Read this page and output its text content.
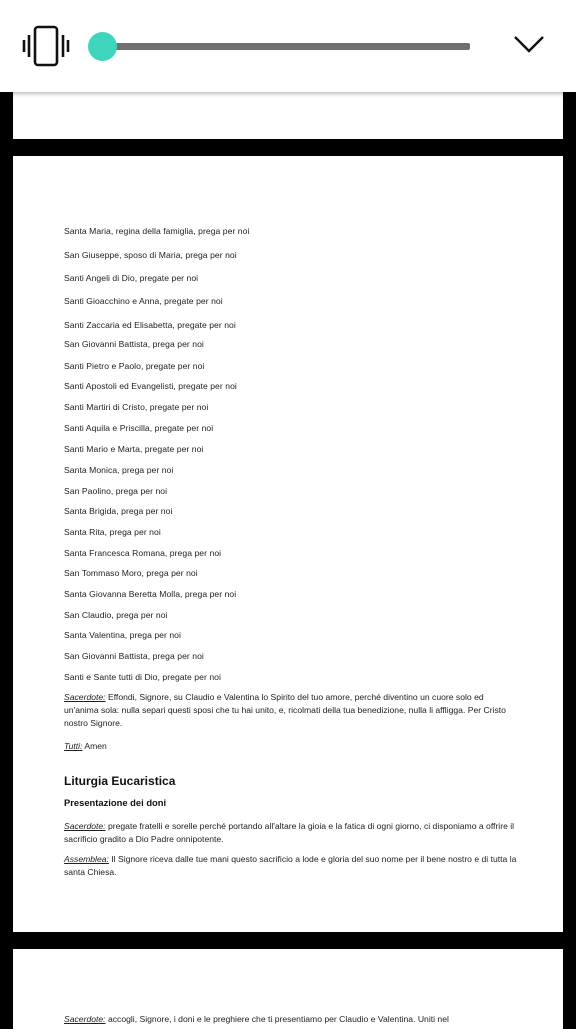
Santa Maria, regina della famiglia, prega per noi
San Giuseppe, sposo di Maria, prega per noi
Santi Angeli di Dio, pregate per noi
Santi Gioacchino e Anna, pregate per noi
Santi Zaccaria ed Elisabetta, pregate per noi
San Giovanni Battista, prega per noi
Santi Pietro e Paolo, pregate per noi
Santi Apostoli ed Evangelisti, pregate per noi
Santi Martiri di Cristo, pregate per noi
Santi Aquila e Priscilla, pregate per noi
Santi Mario e Marta, pregate per noi
Santa Monica, prega per noi
San Paolino, prega per noi
Santa Brigida, prega per noi
Santa Rita, prega per noi
Santa Francesca Romana, prega per noi
San Tommaso Moro, prega per noi
Santa Giovanna Beretta Molla, prega per noi
San Claudio, prega per noi
Santa Valentina, prega per noi
San Giovanni Battista, prega per noi
Santi e Sante tutti di Dio, pregate per noi
Sacerdote: Effondi, Signore, su Claudio e Valentina lo Spirito del tuo amore, perché diventino un cuore solo ed un'anima sola: nulla separi questi sposi che tu hai unito, e, ricolmati della tua benedizione, nulla li affligga. Per Cristo nostro Signore.
Tutti: Amen
Liturgia Eucaristica
Presentazione dei doni
Sacerdote: pregate fratelli e sorelle perché portando all'altare la gioia e la fatica di ogni giorno, ci disponiamo a offrire il sacrificio gradito a Dio Padre onnipotente.
Assemblea: Il Signore riceva dalle tue mani questo sacrificio a lode e gloria del suo nome per il bene nostro e di tutta la santa Chiesa.
Sacerdote: accogli, Signore, i doni e le preghiere che ti presentiamo per Claudio e Valentina. Uniti nel
